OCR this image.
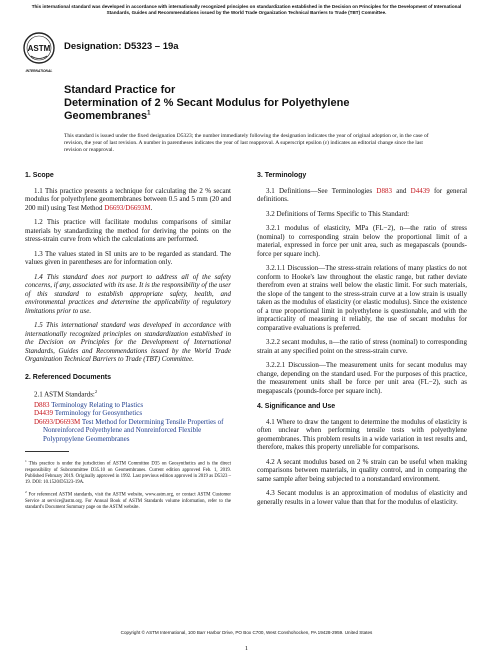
This international standard was developed in accordance with internationally recognized principles on standardization established in the Decision on Principles for the Development of International Standards, Guides and Recommendations issued by the World Trade Organization Technical Barriers to Trade (TBT) Committee.
ASTM
INTERNATIONAL
Designation: D5323 – 19a
Standard Practice for
Determination of 2 % Secant Modulus for Polyethylene
Geomembranes$^1$
This standard is issued under the fixed designation D5323; the number immediately following the designation indicates the year of original adoption or, in the case of revision, the year of last revision. A number in parentheses indicates the year of last reapproval. A superscript epsilon (ε) indicates an editorial change since the last revision or reapproval.
1. Scope
1.1 This practice presents a technique for calculating the 2 % secant modulus for polyethylene geomembranes between 0.5 and 5 mm (20 and 200 mil) using Test Method D6693/D6693M.
1.2 This practice will facilitate modulus comparisons of similar materials by standardizing the method for deriving the points on the stress-strain curve from which the calculations are performed.
1.3 The values stated in SI units are to be regarded as standard. The values given in parentheses are for information only.
1.4 This standard does not purport to address all of the safety concerns, if any, associated with its use. It is the responsibility of the user of this standard to establish appropriate safety, health, and environmental practices and determine the applicability of regulatory limitations prior to use.
1.5 This international standard was developed in accordance with internationally recognized principles on standardization established in the Decision on Principles for the Development of International Standards, Guides and Recommendations issued by the World Trade Organization Technical Barriers to Trade (TBT) Committee.
2. Referenced Documents
2.1 ASTM Standards:$^2$
D883 Terminology Relating to Plastics
D4439 Terminology for Geosynthetics
D6693/D6693M Test Method for Determining Tensile Properties of Nonreinforced Polyethylene and Nonreinforced Flexible Polypropylene Geomembranes
$^1$ This practice is under the jurisdiction of ASTM Committee D35 on Geosynthetics and is the direct responsibility of Subcommittee D35.10 on Geomembranes. Current edition approved Feb. 1, 2019. Published February 2019. Originally approved in 1992. Last previous edition approved in 2019 as D5323 – 19. DOI: 10.1520/D5323-19A.
$^2$ For referenced ASTM standards, visit the ASTM website, www.astm.org, or contact ASTM Customer Service at service@astm.org. For Annual Book of ASTM Standards volume information, refer to the standard's Document Summary page on the ASTM website.
3. Terminology
3.1 Definitions—See Terminologies D883 and D4439 for general definitions.
3.2 Definitions of Terms Specific to This Standard:
3.2.1 modulus of elasticity, MPa (FL−2), n—the ratio of stress (nominal) to corresponding strain below the proportional limit of a material, expressed in force per unit area, such as megapascals (pounds-force per square inch).
3.2.1.1 Discussion—The stress-strain relations of many plastics do not conform to Hooke's law throughout the elastic range, but rather deviate therefrom even at strains well below the elastic limit. For such materials, the slope of the tangent to the stress-strain curve at a low strain is usually taken as the modulus of elasticity (or elastic modulus). Since the existence of a true proportional limit in polyethylene is questionable, and with the impracticality of measuring it reliably, the use of secant modulus for comparative evaluations is preferred.
3.2.2 secant modulus, n—the ratio of stress (nominal) to corresponding strain at any specified point on the stress-strain curve.
3.2.2.1 Discussion—The measurement units for secant modulus may change, depending on the standard used. For the purposes of this practice, the measurement units shall be force per unit area (FL−2), such as megapascals (pounds-force per square inch).
4. Significance and Use
4.1 Where to draw the tangent to determine the modulus of elasticity is often unclear when performing tensile tests with polyethylene geomembranes. This problem results in a wide variation in test results and, therefore, makes this property unreliable for comparisons.
4.2 A secant modulus based on 2 % strain can be useful when making comparisons between materials, in quality control, and in comparing the same sample after being subjected to a nonstandard environment.
4.3 Secant modulus is an approximation of modulus of elasticity and generally results in a lower value than that for the modulus of elasticity.
Copyright © ASTM International, 100 Barr Harbor Drive, PO Box C700, West Conshohocken, PA 19428-2959. United States
1
